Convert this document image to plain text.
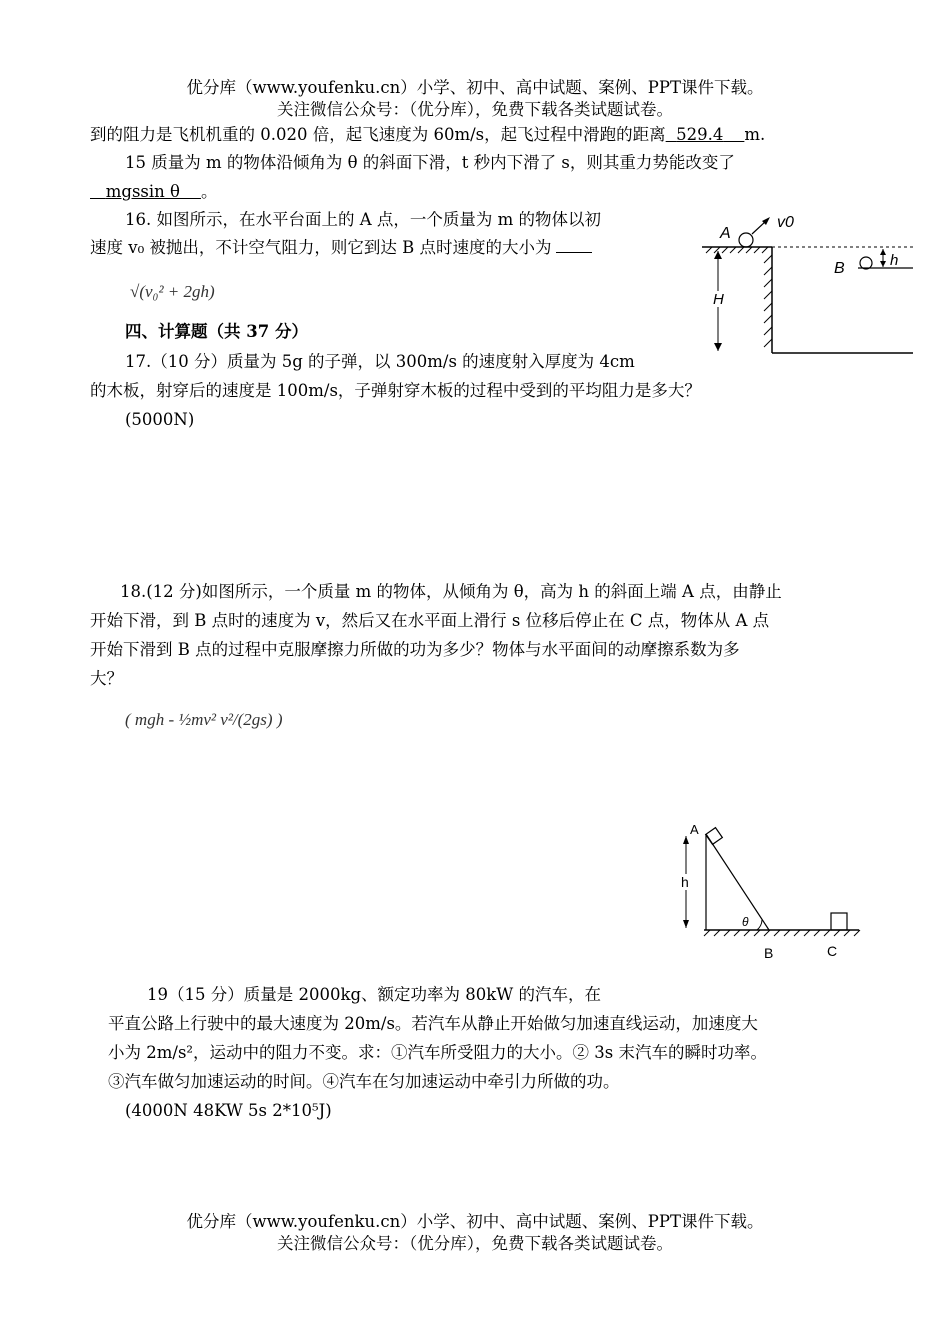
优分库（www.youfenku.cn）小学、初中、高中试题、案例、PPT课件下载。
关注微信公众号：（优分库），免费下载各类试题试卷。
到的阻力是飞机机重的 0.020 倍，起飞速度为 60m/s，起飞过程中滑跑的距离 529.4 m.
15 质量为 m 的物体沿倾角为 θ 的斜面下滑，t 秒内下滑了 s，则其重力势能改变了
mgssin θ 。
16. 如图所示，在水平台面上的 A 点，一个质量为 m 的物体以初
速度 v₀ 被抛出，不计空气阻力，则它到达 B 点时速度的大小为
√(v₀² + 2gh)
A
v0
H
B	h
四、计算题（共 37 分）
17.（10 分）质量为 5g 的子弹，以 300m/s 的速度射入厚度为 4cm
的木板，射穿后的速度是 100m/s，子弹射穿木板的过程中受到的平均阻力是多大？
(5000N)
18.(12 分)如图所示，一个质量 m 的物体，从倾角为 θ，高为 h 的斜面上端 A 点，由静止
开始下滑，到 B 点时的速度为 v，然后又在水平面上滑行 s 位移后停止在 C 点，物体从 A 点
开始下滑到 B 点的过程中克服摩擦力所做的功为多少？物体与水平面间的动摩擦系数为多
大？
( mgh - ½mv² v²/(2gs) )
A
h
θ
B	C
19（15 分）质量是 2000kg、额定功率为 80kW 的汽车，在
平直公路上行驶中的最大速度为 20m/s。若汽车从静止开始做匀加速直线运动，加速度大
小为 2m/s²，运动中的阻力不变。求：①汽车所受阻力的大小。② 3s 末汽车的瞬时功率。
③汽车做匀加速运动的时间。④汽车在匀加速运动中牵引力所做的功。
(4000N 48KW 5s 2*10⁵J)
优分库（www.youfenku.cn）小学、初中、高中试题、案例、PPT课件下载。
关注微信公众号：（优分库），免费下载各类试题试卷。
